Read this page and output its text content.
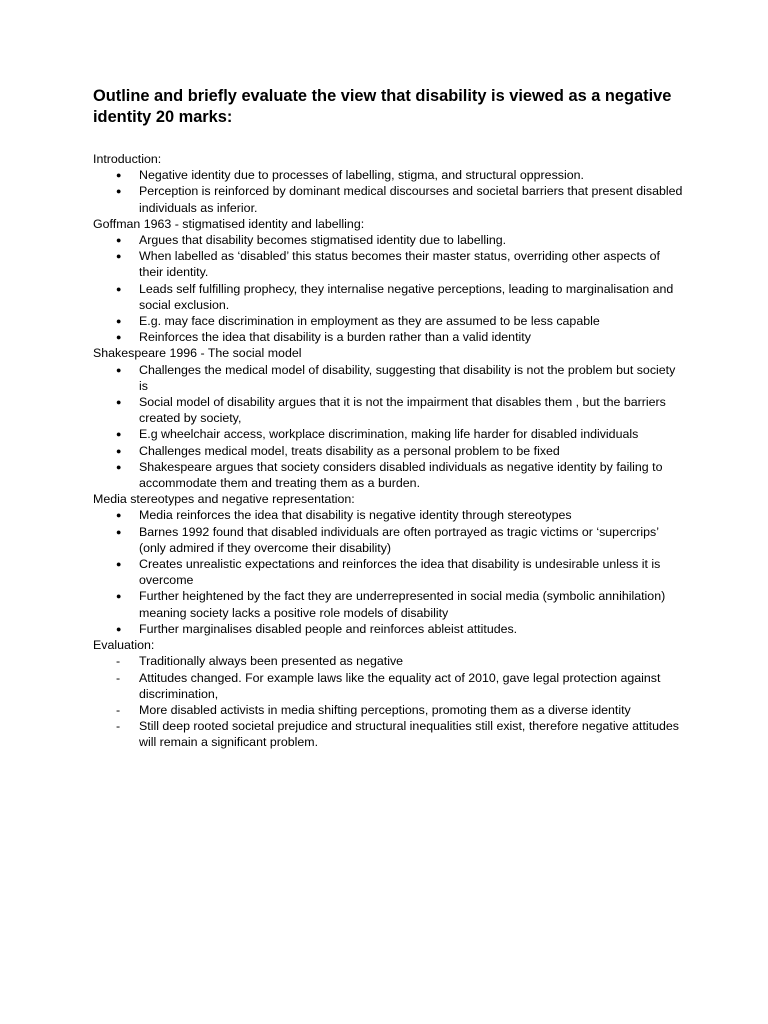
Outline and briefly evaluate the view that disability is viewed as a negative identity 20 marks:
Introduction:
●	Negative identity due to processes of labelling, stigma, and structural oppression.
●	Perception is reinforced by dominant medical discourses and societal barriers that present disabled individuals as inferior.
Goffman 1963 - stigmatised identity and labelling:
●	Argues that disability becomes stigmatised identity due to labelling.
●	When labelled as ‘disabled’ this status becomes their master status, overriding other aspects of their identity.
●	Leads self fulfilling prophecy, they internalise negative perceptions, leading to marginalisation and social exclusion.
●	E.g. may face discrimination in employment as they are assumed to be less capable
●	Reinforces the idea that disability is a burden rather than a valid identity
Shakespeare 1996 - The social model
●	Challenges the medical model of disability, suggesting that disability is not the problem but society is
●	Social model of disability argues that it is not the impairment that disables them , but the barriers created by society,
●	E.g wheelchair access, workplace discrimination, making life harder for disabled individuals
●	Challenges medical model, treats disability as a personal problem to be fixed
●	Shakespeare argues that society considers disabled individuals as negative identity by failing to accommodate them and treating them as a burden.
Media stereotypes and negative representation:
●	Media reinforces the idea that disability is negative identity through stereotypes
●	Barnes 1992 found that disabled individuals are often portrayed as tragic victims or ‘supercrips’ (only admired if they overcome their disability)
●	Creates unrealistic expectations and reinforces the idea that disability is undesirable unless it is overcome
●	Further heightened by the fact they are underrepresented in social media (symbolic annihilation) meaning society lacks a positive role models of disability
●	Further marginalises disabled people and reinforces ableist attitudes.
Evaluation:
-	Traditionally always been presented as negative
-	Attitudes changed. For example laws like the equality act of 2010, gave legal protection against discrimination,
-	More disabled activists in media shifting perceptions, promoting them as a diverse identity
-	Still deep rooted societal prejudice and structural inequalities still exist, therefore negative attitudes will remain a significant problem.
